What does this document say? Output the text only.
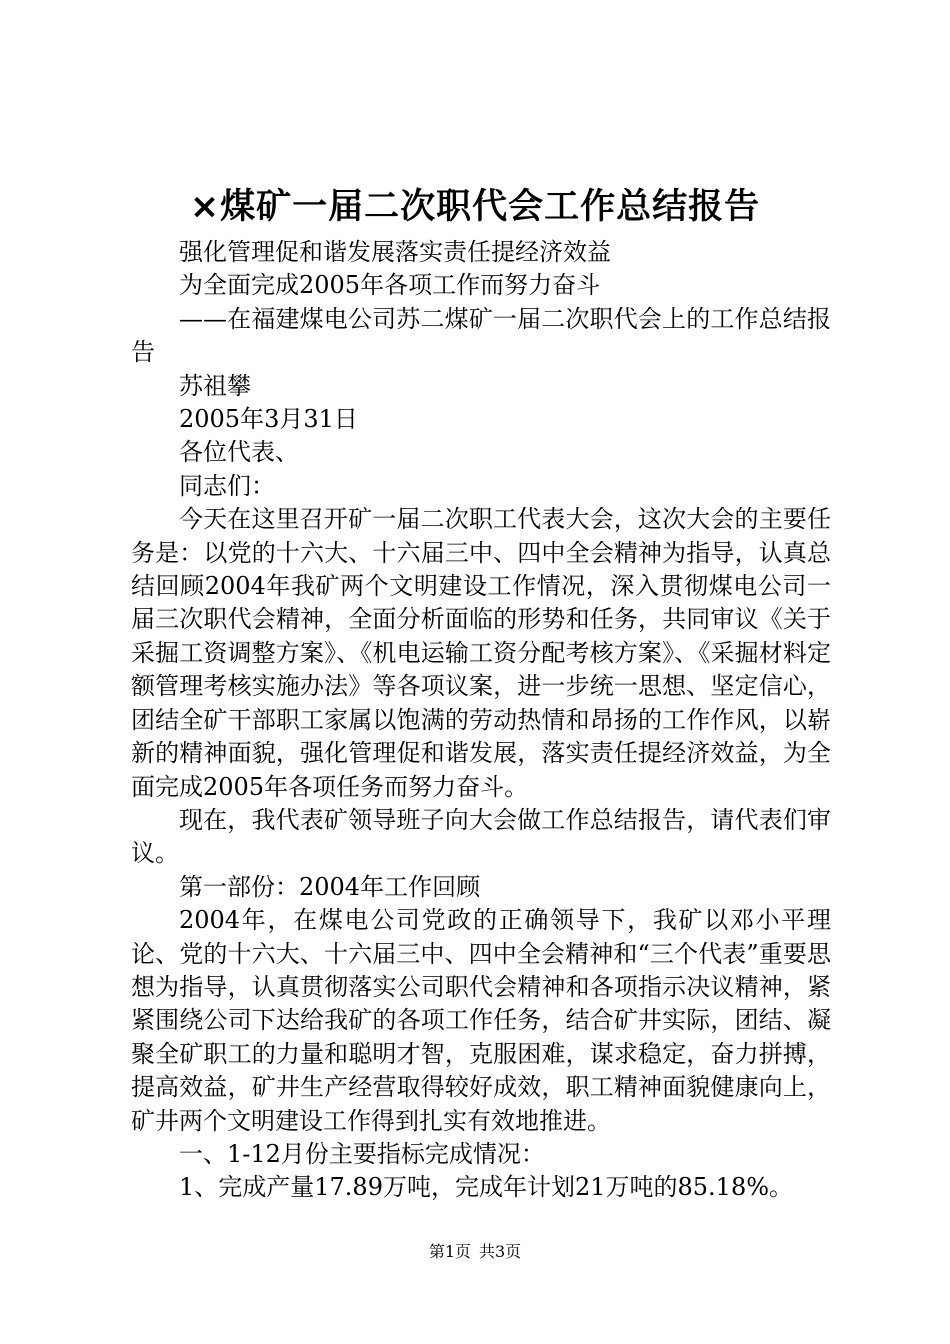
×煤矿一届二次职代会工作总结报告

强化管理促和谐发展落实责任提经济效益

为全面完成2005年各项工作而努力奋斗

——在福建煤电公司苏二煤矿一届二次职代会上的工作总结报告

苏祖攀

2005年3月31日

各位代表、

同志们：

今天在这里召开矿一届二次职工代表大会，这次大会的主要任务是：以党的十六大、十六届三中、四中全会精神为指导，认真总结回顾2004年我矿两个文明建设工作情况，深入贯彻煤电公司一届三次职代会精神，全面分析面临的形势和任务，共同审议《关于采掘工资调整方案》、《机电运输工资分配考核方案》、《采掘材料定额管理考核实施办法》等各项议案，进一步统一思想、坚定信心，团结全矿干部职工家属以饱满的劳动热情和昂扬的工作作风，以崭新的精神面貌，强化管理促和谐发展，落实责任提经济效益，为全面完成2005年各项任务而努力奋斗。

现在，我代表矿领导班子向大会做工作总结报告，请代表们审议。

第一部份：2004年工作回顾

2004年，在煤电公司党政的正确领导下，我矿以邓小平理论、党的十六大、十六届三中、四中全会精神和“三个代表”重要思想为指导，认真贯彻落实公司职代会精神和各项指示决议精神，紧紧围绕公司下达给我矿的各项工作任务，结合矿井实际，团结、凝聚全矿职工的力量和聪明才智，克服困难，谋求稳定，奋力拼搏，提高效益，矿井生产经营取得较好成效，职工精神面貌健康向上，矿井两个文明建设工作得到扎实有效地推进。

一、1-12月份主要指标完成情况：

1、完成产量17.89万吨，完成年计划21万吨的85.18%。

第1页 共3页
